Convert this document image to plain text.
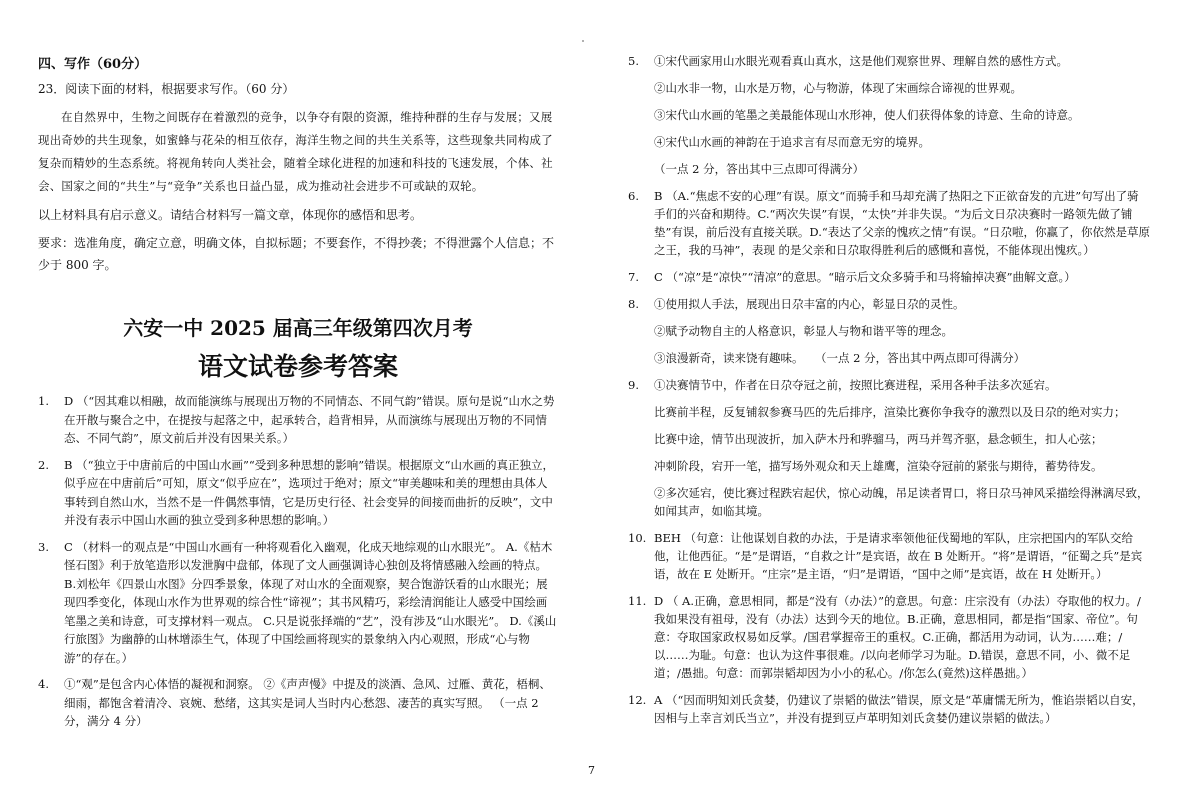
四、写作（60分）

23．阅读下面的材料，根据要求写作。（60 分）

在自然界中，生物之间既存在着激烈的竞争，以争夺有限的资源，维持种群的生存与发展；又展现出奇妙的共生现象，如蜜蜂与花朵的相互依存，海洋生物之间的共生关系等，这些现象共同构成了复杂而精妙的生态系统。将视角转向人类社会，随着全球化进程的加速和科技的飞速发展，个体、社会、国家之间的“共生”与“竞争”关系也日益凸显，成为推动社会进步不可或缺的双轮。

以上材料具有启示意义。请结合材料写一篇文章，体现你的感悟和思考。

要求：选准角度，确定立意，明确文体，自拟标题；不要套作，不得抄袭；不得泄露个人信息；不少于 800 字。

六安一中 2025 届高三年级第四次月考
语文试卷参考答案
1.	D （“因其难以相融，故而能演练与展现出万物的不同情态、不同气韵”错误。原句是说“山水之势在开散与聚合之中，在提按与起落之中，起承转合，趋背相异，从而演练与展现出万物的不同情态、不同气韵”，原文前后并没有因果关系。）
2.	B （“独立于中唐前后的中国山水画”“受到多种思想的影响”错误。根据原文“山水画的真正独立，似乎应在中唐前后”可知，原文“似乎应在”，选项过于绝对；原文“审美趣味和美的理想由具体人事转到自然山水，当然不是一件偶然事情，它是历史行径、社会变异的间接而曲折的反映”，文中并没有表示中国山水画的独立受到多种思想的影响。）
3.	C （材料一的观点是“中国山水画有一种将观看化入幽观，化成天地综观的山水眼光”。 A.《枯木怪石图》利于放笔造形以发泄胸中盘郁，体现了文人画强调诗心独创及将情感融入绘画的特点。B.刘松年《四景山水图》分四季景象，体现了对山水的全面观察，契合饱游饫看的山水眼光；展现四季变化，体现山水作为世界观的综合性“谛视”；其书风精巧，彩绘清润能让人感受中国绘画笔墨之美和诗意，可支撑材料一观点。 C.只是说张择端的“艺”，没有涉及“山水眼光”。 D.《溪山行旅图》为幽静的山林增添生气，体现了中国绘画将现实的景象纳入内心观照，形成“心与物游”的存在。）
4.	①“观”是包含内心体悟的凝视和洞察。 ②《声声慢》中提及的淡酒、急风、过雁、黄花，梧桐、细雨，都饱含着清冷、哀婉、愁绪，这其实是词人当时内心愁怨、凄苦的真实写照。 （一点 2 分，满分 4 分）
5.	①宋代画家用山水眼光观看真山真水，这是他们观察世界、理解自然的感性方式。

②山水非一物，山水是万物，心与物游，体现了宋画综合谛视的世界观。

③宋代山水画的笔墨之美最能体现山水形神，使人们获得体象的诗意、生命的诗意。

④宋代山水画的神韵在于追求言有尽而意无穷的境界。

（一点 2 分，答出其中三点即可得满分）

6.	B （A.“焦虑不安的心理”有误。原文“而骑手和马却充满了热阳之下正欲奋发的亢进”句写出了骑手们的兴奋和期待。C.“两次失误”有误，“太快”并非失误。“为后文日尕决赛时一路领先做了铺垫”有误，前后没有直接关联。D.“表达了父亲的愧疚之情”有误。“日尕啦，你赢了，你依然是草原之王，我的马神”，表现 的是父亲和日尕取得胜利后的感慨和喜悦，不能体现出愧疚。）
7.	C （“凉”是“凉快”“清凉”的意思。“暗示后文众多骑手和马将输掉决赛”曲解文意。）
8.	①使用拟人手法，展现出日尕丰富的内心，彰显日尕的灵性。

②赋予动物自主的人格意识，彰显人与物和谐平等的理念。

③浪漫新奇，读来饶有趣味。　　（一点 2 分，答出其中两点即可得满分）

9.	①决赛情节中，作者在日尕夺冠之前，按照比赛进程，采用各种手法多次延宕。

比赛前半程，反复铺叙参赛马匹的先后排序，渲染比赛你争我夺的激烈以及日尕的绝对实力；

比赛中途，情节出现波折，加入萨木丹和骅骝马，两马并驾齐驱，悬念顿生，扣人心弦；

冲刺阶段，宕开一笔，描写场外观众和天上雄鹰，渲染夺冠前的紧张与期待，蓄势待发。

②多次延宕，使比赛过程跌宕起伏，惊心动魄，吊足读者胃口，将日尕马神风采描绘得淋漓尽致，如闻其声，如临其境。

10. BEH （句意：让他谋划自救的办法，于是请求率领他征伐蜀地的军队，庄宗把国内的军队交给他，让他西征。“是”是谓语，“自救之计”是宾语，故在 B 处断开。“将”是谓语，“征蜀之兵”是宾语，故在 E 处断开。“庄宗”是主语，“归”是谓语，“国中之师”是宾语，故在 H 处断开。）
11. D （ A.正确，意思相同，都是“没有（办法）”的意思。句意：庄宗没有（办法）夺取他的权力。/我如果没有祖母，没有（办法）达到今天的地位。B.正确，意思相同，都是指“国家、帝位”。句意：夺取国家政权易如反掌。/国君掌握帝王的重权。C.正确，都活用为动词，认为……难；/以……为耻。句意：也认为这件事很难。/以向老师学习为耻。D.错误，意思不同，小、微不足道；/愚拙。句意：而郭崇韬却因为小小的私心。/你怎么(竟然)这样愚拙。）
12. A （“因而明知刘氏贪婪，仍建议了崇韬的做法”错误，原文是“革庸懦无所为，惟谄崇韬以自安，因相与上幸言刘氏当立”，并没有提到豆卢革明知刘氏贪婪仍建议崇韬的做法。）
7
